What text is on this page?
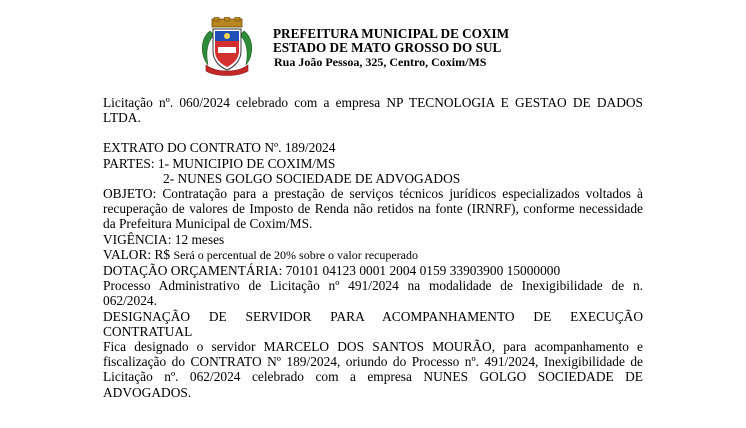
PREFEITURA MUNICIPAL DE COXIM
ESTADO DE MATO GROSSO DO SUL
Rua João Pessoa, 325, Centro, Coxim/MS
Licitação nº. 060/2024 celebrado com a empresa NP TECNOLOGIA E GESTAO DE DADOS
LTDA.
EXTRATO DO CONTRATO Nº. 189/2024
PARTES: 1- MUNICIPIO DE COXIM/MS
2- NUNES GOLGO SOCIEDADE DE ADVOGADOS
OBJETO: Contratação para a prestação de serviços técnicos jurídicos especializados voltados à
recuperação de valores de Imposto de Renda não retidos na fonte (IRNRF), conforme necessidade
da Prefeitura Municipal de Coxim/MS.
VIGÊNCIA: 12 meses
VALOR: R$ Será o percentual de 20% sobre o valor recuperado
DOTAÇÃO ORÇAMENTÁRIA: 70101 04123 0001 2004 0159 33903900 15000000
Processo Administrativo de Licitação nº 491/2024 na modalidade de Inexigibilidade de n.
062/2024.
DESIGNAÇÃO DE SERVIDOR PARA ACOMPANHAMENTO DE EXECUÇÃO
CONTRATUAL
Fica designado o servidor MARCELO DOS SANTOS MOURÃO, para acompanhamento e
fiscalização do CONTRATO Nº 189/2024, oriundo do Processo nº. 491/2024, Inexigibilidade de
Licitação nº. 062/2024 celebrado com a empresa NUNES GOLGO SOCIEDADE DE
ADVOGADOS.
